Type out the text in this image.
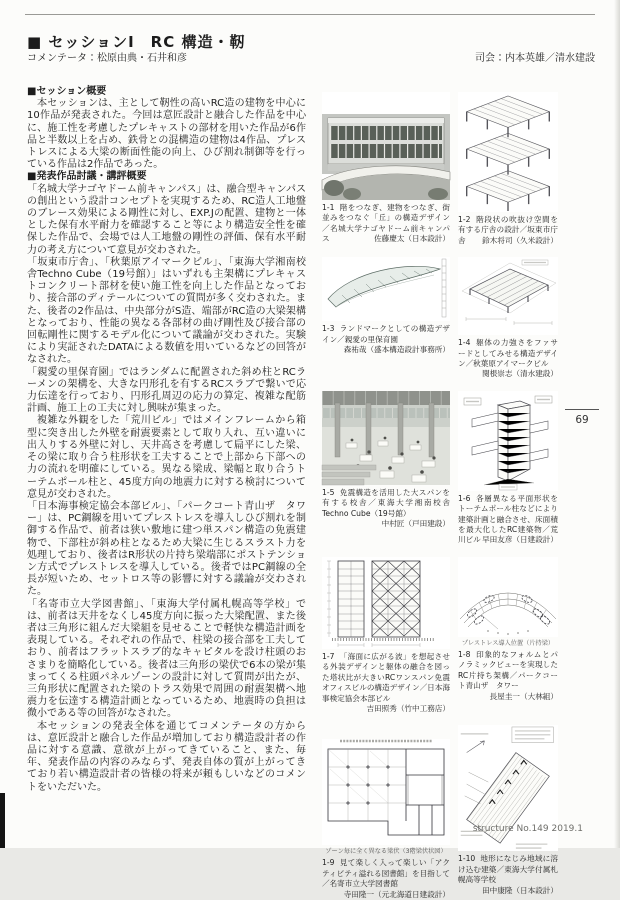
■ セッションⅠ　RC 構造・靭
コメンテータ：松原由典・石井和彦	司会：内本英雄／清水建設
■セッション概要

本セッションは、主として靭性の高いRC造の建物を中心に10作品が発表された。今回は意匠設計と融合した作品を中心に、施工性を考慮したプレキャストの部材を用いた作品が6作品と半数以上を占め、鉄骨との混構造の建物は4作品、プレストレスによる大梁の断面性能の向上、ひび割れ制御等を行っている作品は2作品であった。

■発表作品討議・講評概要

「名城大学ナゴヤドーム前キャンパス」は、融合型キャンパスの創出という設計コンセプトを実現するため、RC造人工地盤のブレース効果による剛性に対し、EXP.Jの配置、建物と一体とした保有水平耐力を確認すること等により構造安全性を確保した作品で、会場では人工地盤の剛性の評価、保有水平耐力の考え方について意見が交わされた。

「坂東市庁舎」、「秋葉原アイマークビル」、「東海大学湘南校舎Techno Cube（19号館）」はいずれも主架構にプレキャストコンクリート部材を使い施工性を向上した作品となっており、接合部のディテールについての質問が多く交わされた。また、後者の2作品は、中央部分がS造、端部がRC造の大梁架構となっており、性能の異なる各部材の曲げ剛性及び接合部の回転剛性に関するモデル化について議論が交わされた。実験により実証されたDATAによる数値を用いているなどの回答がなされた。

「親愛の里保育園」ではランダムに配置された斜め柱とRCラーメンの架構を、大きな円形孔を有するRCスラブで繋いで応力伝達を行っており、円形孔周辺の応力の算定、複雑な配筋計画、施工上の工夫に対し興味が集まった。

複雑な外観をした「荒川ビル」ではメインフレームから箱型に突き出した外壁を耐震要素として取り入れ、互い違いに出入りする外壁に対し、天井高さを考慮して扁平にした梁、その梁に取り合う柱形状を工夫することで上部から下部への力の流れを明確にしている。異なる梁成、梁幅と取り合うトーテムポール柱と、45度方向の地震力に対する検討について意見が交わされた。

「日本海事検定協会本部ビル」、「パークコート青山ザ　タワー」は、PC鋼線を用いてプレストレスを導入しひび割れを制御する作品で、前者は狭い敷地に建つ単スパン構造の免震建物で、下部柱が斜め柱となるため大梁に生じるスラスト力を処理しており、後者はR形状の片持ち梁端部にポストテンション方式でプレストレスを導入している。後者ではPC鋼線の全長が短いため、セットロス等の影響に対する議論が交わされた。

「名寄市立大学図書館」、「東海大学付属札幌高等学校」では、前者は天井をなくし45度方向に振った大梁配置、また後者は三角形に組んだ大梁組を見せることで軽快な構造計画を表現している。それぞれの作品で、柱梁の接合部を工夫しており、前者はフラットスラブ的なキャピタルを設け柱頭のおさまりを簡略化している。後者は三角形の梁伏で6本の梁が集まってくる柱頭パネルゾーンの設計に対して質問が出たが、三角形状に配置された梁のトラス効果で周囲の耐震架構へ地震力を伝達する構造計画となっているため、地震時の負担は微小である等の回答がなされた。

本セッションの発表全体を通じてコメンテータの方からは、意匠設計と融合した作品が増加しており構造設計者の作品に対する意識、意欲が上がってきていること、また、毎年、発表作品の内容のみならず、発表自体の質が上がってきており若い構造設計者の皆様の将来が頼もしいなどのコメントをいただいた。

1-1 階をつなぎ、建物をつなぎ、街並みをつなぐ「丘」の構造デザイン／名城大学ナゴヤドーム前キャンパス	佐藤慶太（日本設計）
1-2 階段状の吹抜け空間を有する庁舎の設計／坂東市庁舎 鈴木将司（久米設計）
1-3 ランドマークとしての構造デザイン／親愛の里保育園
森祐哉（盛本構造設計事務所）
1-4 躯体の力強さをファサードとしてみせる構造デザイン／秋葉原アイマークビル
関根崇志（清水建設）
1-5 免震構造を活用した大スパンを有する校舎／東海大学湘南校舎Techno Cube（19号館）
中村匠（戸田建設）
1-6 各層異なる平面形状をトーテムポール柱などにより建築計画と融合させ、床面積を最大化したRC建築物／荒川ビル 早田友彦（日建設計）
1-7 「海面に広がる波」を想起させる外装デザインと躯体の融合を図った塔状比が大きいRCワンスパン免震オフィスビルの構造デザイン／日本海事検定協会本部ビル
吉田照秀（竹中工務店）
プレストレス導入位置（片持梁）
1-8 印象的なフォルムとパノラミックビューを実現したRC片持ち架構／パークコート青山ザ　タワー
長屋圭一（大林組）
ゾーン毎に全く異なる梁伏（3階梁伏状図）
1-9 見て楽しく入って楽しい「アクティビティ溢れる図書館」を目指して／名寄市立大学図書館
寺田隆一（元北海道日建設計）
1-10 地形になじみ地域に溶け込む建築／東海大学付属札幌高等学校
田中康隆（日本設計）
69
structure No.149 2019.1
